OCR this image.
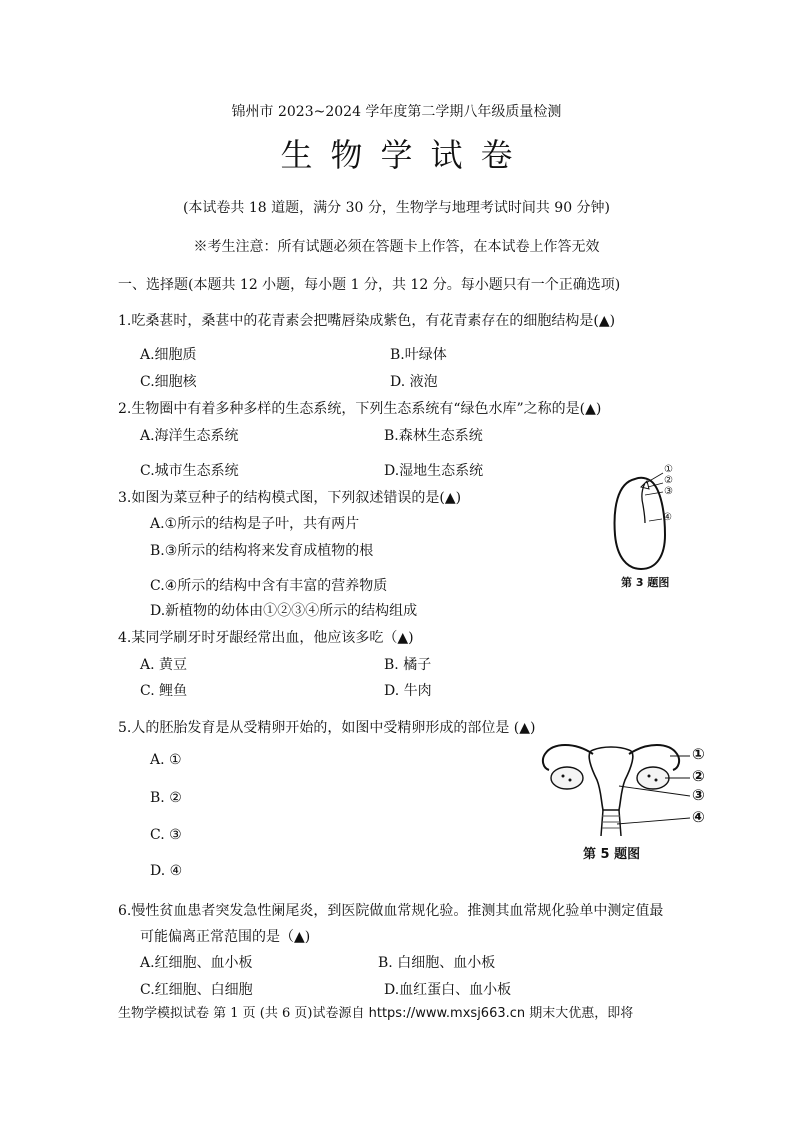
锦州市 2023~2024 学年度第二学期八年级质量检测
生物学试卷
(本试卷共 18 道题，满分 30 分，生物学与地理考试时间共 90 分钟)
※考生注意：所有试题必须在答题卡上作答，在本试卷上作答无效
一、选择题(本题共 12 小题，每小题 1 分，共 12 分。每小题只有一个正确选项)
1.吃桑葚时，桑葚中的花青素会把嘴唇染成紫色，有花青素存在的细胞结构是(▲)
A.细胞质	B.叶绿体
C.细胞核	D. 液泡
2.生物圈中有着多种多样的生态系统，下列生态系统有“绿色水库”之称的是(▲)
A.海洋生态系统	B.森林生态系统
C.城市生态系统	D.湿地生态系统
3.如图为菜豆种子的结构模式图，下列叙述错误的是(▲)
A.①所示的结构是子叶，共有两片
B.③所示的结构将来发育成植物的根
C.④所示的结构中含有丰富的营养物质
D.新植物的幼体由①②③④所示的结构组成
①
②
③
④
第 3 题图
4.某同学刷牙时牙龈经常出血，他应该多吃（▲)
A. 黄豆	B. 橘子
C. 鲤鱼	D. 牛肉
5.人的胚胎发育是从受精卵开始的，如图中受精卵形成的部位是 (▲)
A. ①
B. ②
C. ③
D. ④
①
②
③
④
第 5 题图
6.慢性贫血患者突发急性阑尾炎，到医院做血常规化验。推测其血常规化验单中测定值最
可能偏离正常范围的是（▲)
A.红细胞、血小板	B. 白细胞、血小板
C.红细胞、白细胞	D.血红蛋白、血小板
生物学模拟试卷 第 1 页 (共 6 页)试卷源自 https://www.mxsj663.cn 期末大优惠，即将
